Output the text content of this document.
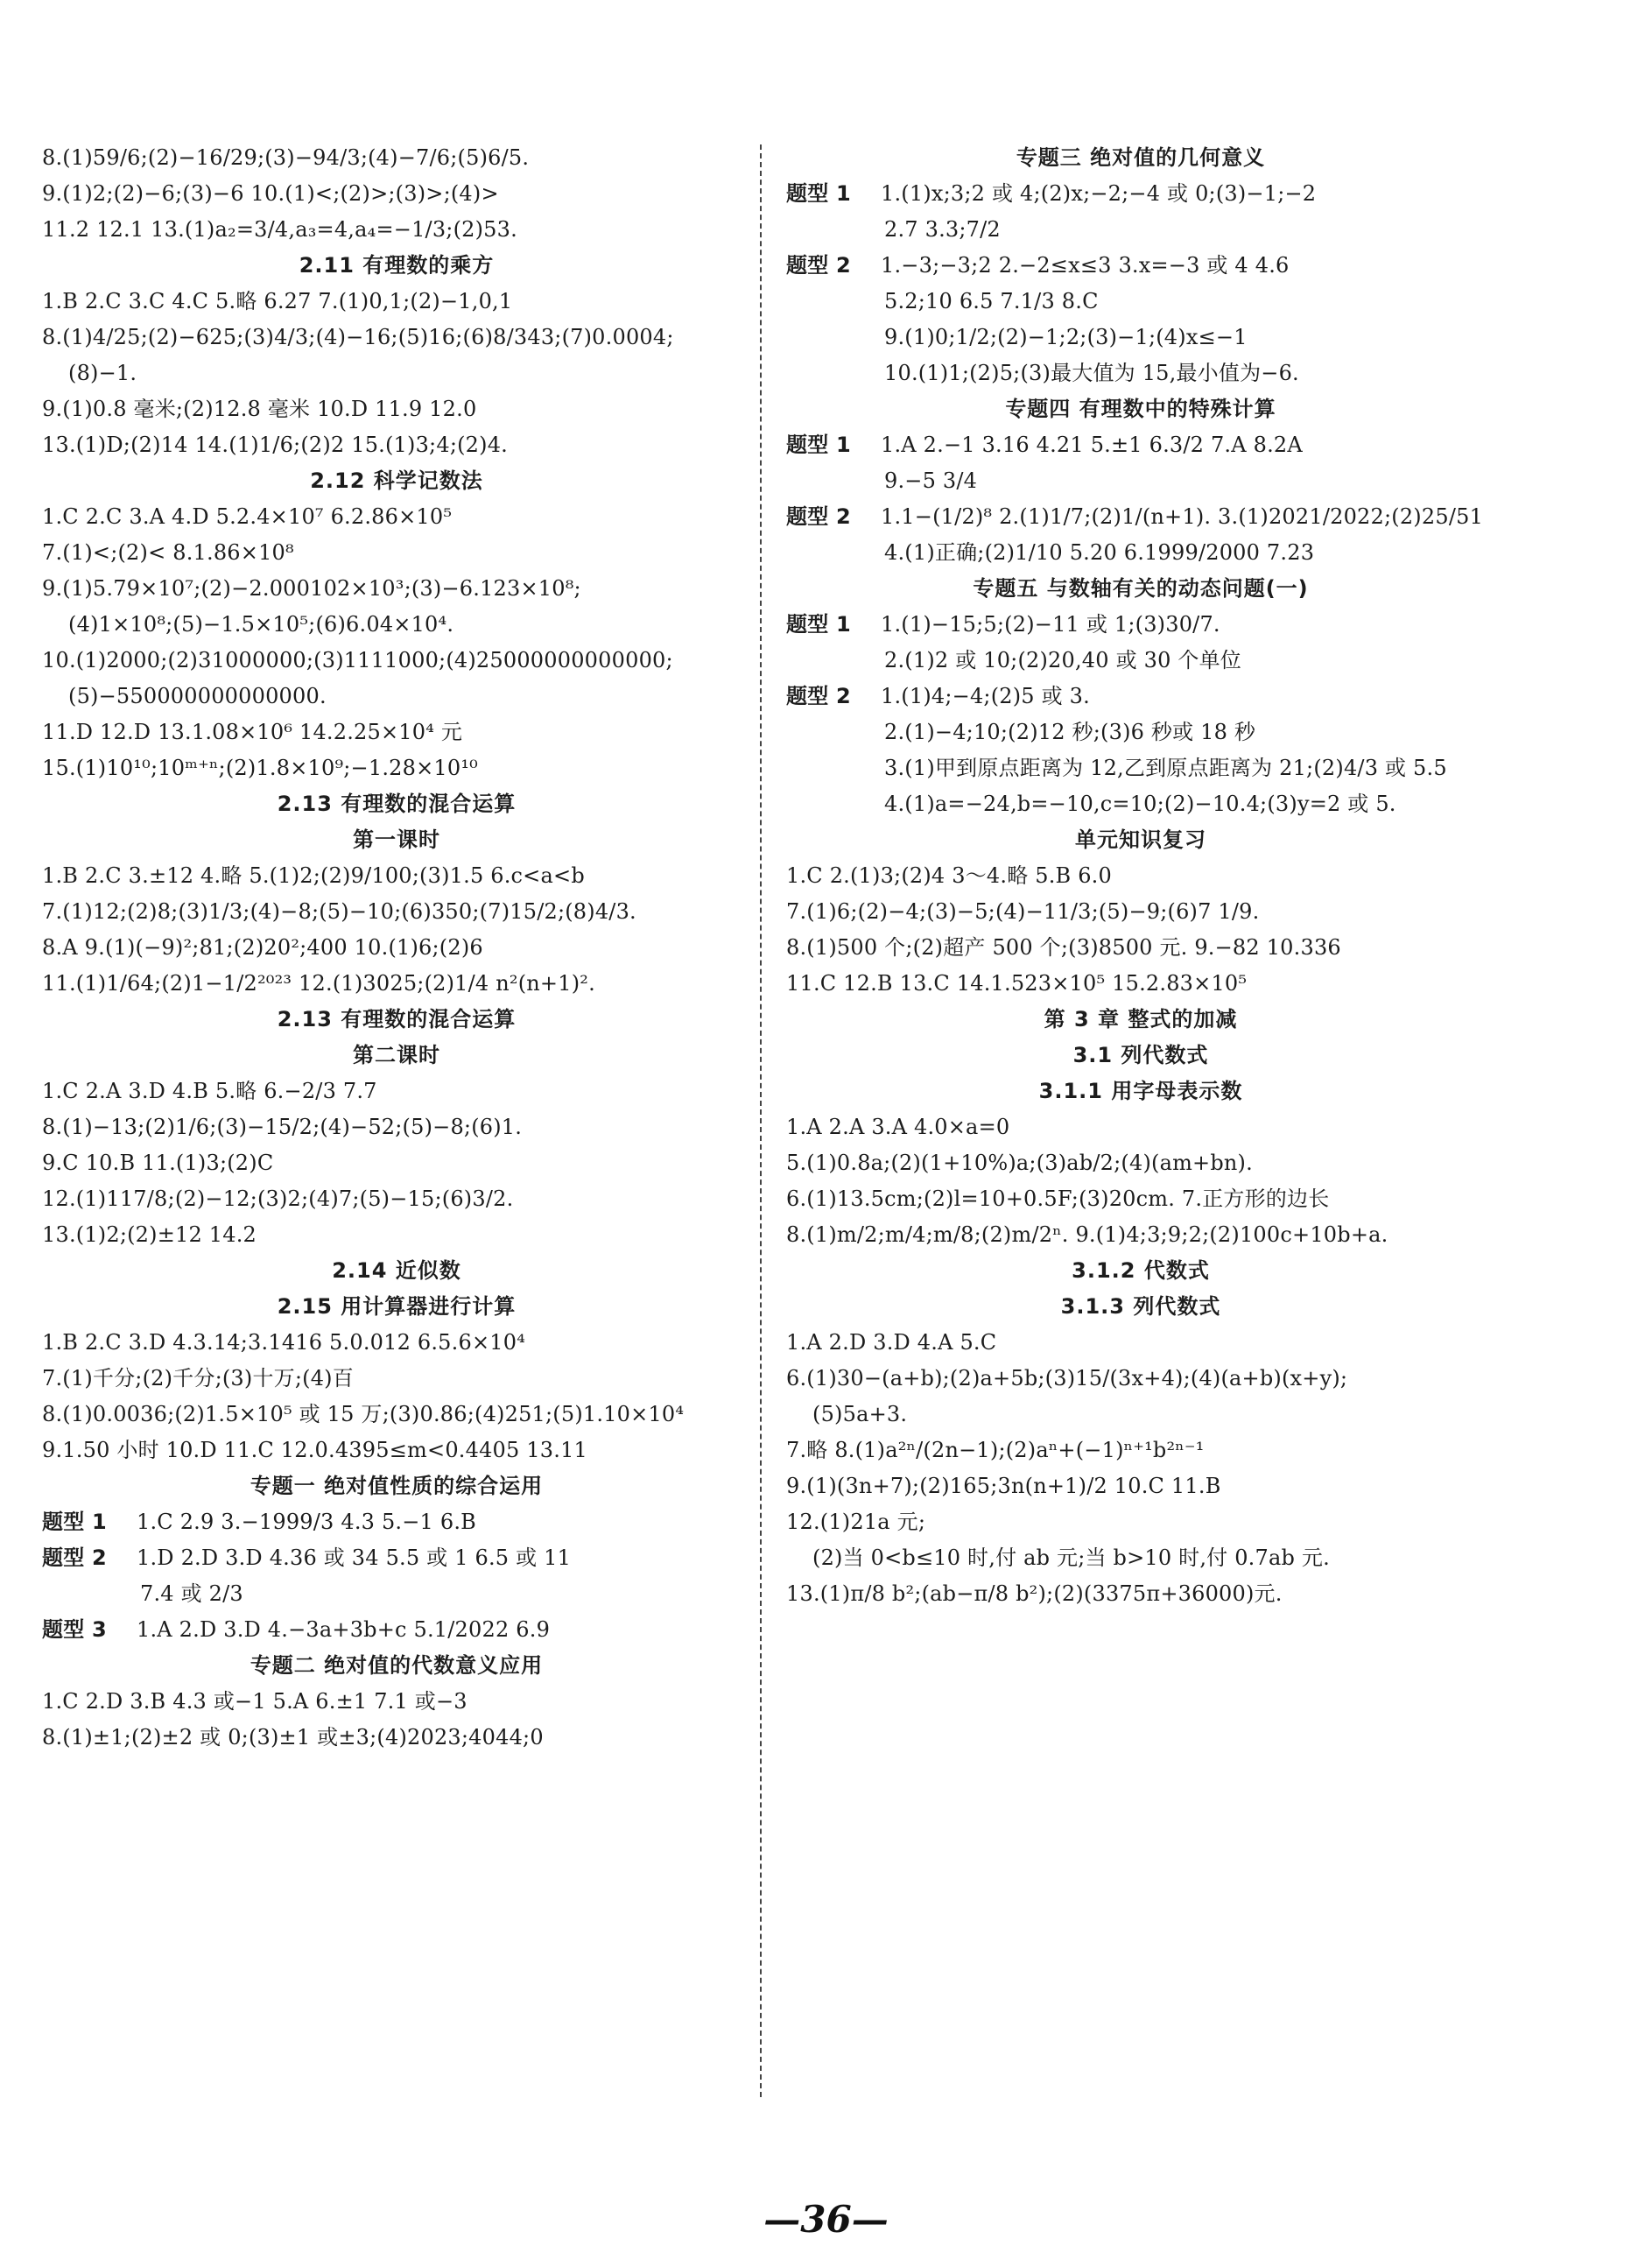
8.(1)59/6;(2)−16/29;(3)−94/3;(4)−7/6;(5)6/5.
9.(1)2;(2)−6;(3)−6 10.(1)<;(2)>;(3)>;(4)>
11.2 12.1 13.(1)a₂=3/4,a₃=4,a₄=−1/3;(2)53.
2.11 有理数的乘方
1.B 2.C 3.C 4.C 5.略 6.27 7.(1)0,1;(2)−1,0,1
8.(1)4/25;(2)−625;(3)4/3;(4)−16;(5)16;(6)8/343;(7)0.0004;
(8)−1.
9.(1)0.8 毫米;(2)12.8 毫米 10.D 11.9 12.0
13.(1)D;(2)14 14.(1)1/6;(2)2 15.(1)3;4;(2)4.
2.12 科学记数法
1.C 2.C 3.A 4.D 5.2.4×10⁷ 6.2.86×10⁵
7.(1)<;(2)< 8.1.86×10⁸
9.(1)5.79×10⁷;(2)−2.000102×10³;(3)−6.123×10⁸;
(4)1×10⁸;(5)−1.5×10⁵;(6)6.04×10⁴.
10.(1)2000;(2)31000000;(3)1111000;(4)25000000000000;
(5)−550000000000000.
11.D 12.D 13.1.08×10⁶ 14.2.25×10⁴ 元
15.(1)10¹⁰;10ᵐ⁺ⁿ;(2)1.8×10⁹;−1.28×10¹⁰
2.13 有理数的混合运算
第一课时
1.B 2.C 3.±12 4.略 5.(1)2;(2)9/100;(3)1.5 6.c<a<b
7.(1)12;(2)8;(3)1/3;(4)−8;(5)−10;(6)350;(7)15/2;(8)4/3.
8.A 9.(1)(−9)²;81;(2)20²;400 10.(1)6;(2)6
11.(1)1/64;(2)1−1/2²⁰²³ 12.(1)3025;(2)1/4 n²(n+1)².
2.13 有理数的混合运算
第二课时
1.C 2.A 3.D 4.B 5.略 6.−2/3 7.7
8.(1)−13;(2)1/6;(3)−15/2;(4)−52;(5)−8;(6)1.
9.C 10.B 11.(1)3;(2)C
12.(1)117/8;(2)−12;(3)2;(4)7;(5)−15;(6)3/2.
13.(1)2;(2)±12 14.2
2.14 近似数
2.15 用计算器进行计算
1.B 2.C 3.D 4.3.14;3.1416 5.0.012 6.5.6×10⁴
7.(1)千分;(2)千分;(3)十万;(4)百
8.(1)0.0036;(2)1.5×10⁵ 或 15 万;(3)0.86;(4)251;(5)1.10×10⁴
9.1.50 小时 10.D 11.C 12.0.4395≤m<0.4405 13.11
专题一 绝对值性质的综合运用
题型 1 1.C 2.9 3.−1999/3 4.3 5.−1 6.B
题型 2 1.D 2.D 3.D 4.36 或 34 5.5 或 1 6.5 或 11
7.4 或 2/3
题型 3 1.A 2.D 3.D 4.−3a+3b+c 5.1/2022 6.9
专题二 绝对值的代数意义应用
1.C 2.D 3.B 4.3 或−1 5.A 6.±1 7.1 或−3
8.(1)±1;(2)±2 或 0;(3)±1 或±3;(4)2023;4044;0
专题三 绝对值的几何意义
题型 1 1.(1)x;3;2 或 4;(2)x;−2;−4 或 0;(3)−1;−2
2.7 3.3;7/2
题型 2 1.−3;−3;2 2.−2≤x≤3 3.x=−3 或 4 4.6
5.2;10 6.5 7.1/3 8.C
9.(1)0;1/2;(2)−1;2;(3)−1;(4)x≤−1
10.(1)1;(2)5;(3)最大值为 15,最小值为−6.
专题四 有理数中的特殊计算
题型 1 1.A 2.−1 3.16 4.21 5.±1 6.3/2 7.A 8.2A
9.−5 3/4
题型 2 1.1−(1/2)⁸ 2.(1)1/7;(2)1/(n+1). 3.(1)2021/2022;(2)25/51
4.(1)正确;(2)1/10 5.20 6.1999/2000 7.23
专题五 与数轴有关的动态问题(一)
题型 1 1.(1)−15;5;(2)−11 或 1;(3)30/7.
2.(1)2 或 10;(2)20,40 或 30 个单位
题型 2 1.(1)4;−4;(2)5 或 3.
2.(1)−4;10;(2)12 秒;(3)6 秒或 18 秒
3.(1)甲到原点距离为 12,乙到原点距离为 21;(2)4/3 或 5.5
4.(1)a=−24,b=−10,c=10;(2)−10.4;(3)y=2 或 5.
单元知识复习
1.C 2.(1)3;(2)4 3～4.略 5.B 6.0
7.(1)6;(2)−4;(3)−5;(4)−11/3;(5)−9;(6)7 1/9.
8.(1)500 个;(2)超产 500 个;(3)8500 元. 9.−82 10.336
11.C 12.B 13.C 14.1.523×10⁵ 15.2.83×10⁵
第 3 章 整式的加减
3.1 列代数式
3.1.1 用字母表示数
1.A 2.A 3.A 4.0×a=0
5.(1)0.8a;(2)(1+10%)a;(3)ab/2;(4)(am+bn).
6.(1)13.5cm;(2)l=10+0.5F;(3)20cm. 7.正方形的边长
8.(1)m/2;m/4;m/8;(2)m/2ⁿ. 9.(1)4;3;9;2;(2)100c+10b+a.
3.1.2 代数式
3.1.3 列代数式
1.A 2.D 3.D 4.A 5.C
6.(1)30−(a+b);(2)a+5b;(3)15/(3x+4);(4)(a+b)(x+y);
(5)5a+3.
7.略 8.(1)a²ⁿ/(2n−1);(2)aⁿ+(−1)ⁿ⁺¹b²ⁿ⁻¹
9.(1)(3n+7);(2)165;3n(n+1)/2 10.C 11.B
12.(1)21a 元;
(2)当 0<b≤10 时,付 ab 元;当 b>10 时,付 0.7ab 元.
13.(1)π/8 b²;(ab−π/8 b²);(2)(3375π+36000)元.
—36—
